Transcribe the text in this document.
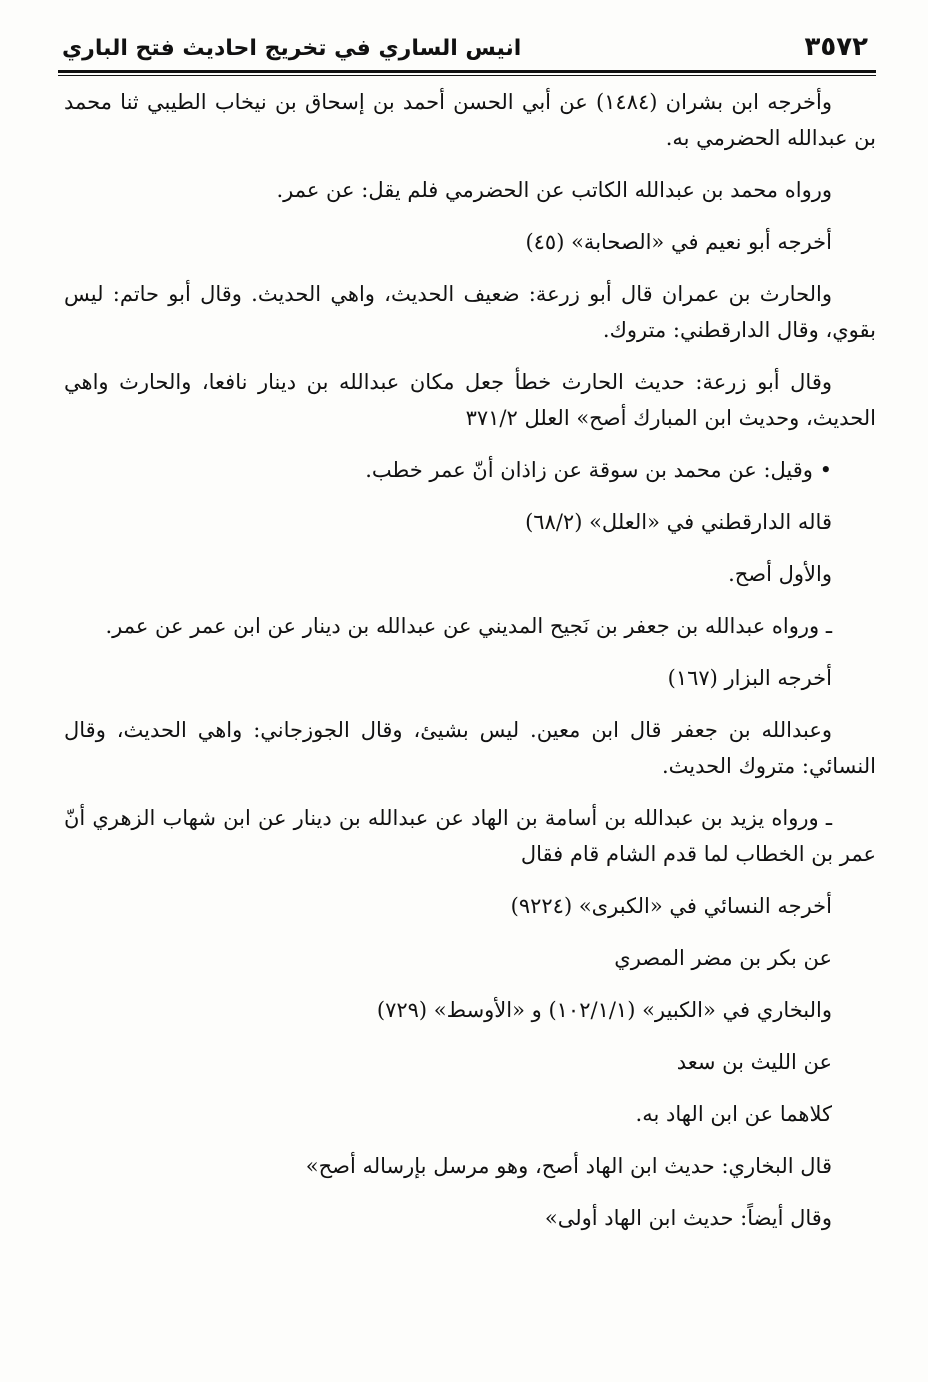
٣٥٧٢
انيس الساري في تخريج احاديث فتح الباري

وأخرجه ابن بشران (١٤٨٤) عن أبي الحسن أحمد بن إسحاق بن نيخاب الطيبي ثنا محمد بن عبدالله الحضرمي به.

ورواه محمد بن عبدالله الكاتب عن الحضرمي فلم يقل: عن عمر.

أخرجه أبو نعيم في «الصحابة» (٤٥)

والحارث بن عمران قال أبو زرعة: ضعيف الحديث، واهي الحديث. وقال أبو حاتم: ليس بقوي، وقال الدارقطني: متروك.

وقال أبو زرعة: حديث الحارث خطأ جعل مكان عبدالله بن دينار نافعا، والحارث واهي الحديث، وحديث ابن المبارك أصح» العلل ٣٧١/٢

• وقيل: عن محمد بن سوقة عن زاذان أنّ عمر خطب.

قاله الدارقطني في «العلل» (٦٨/٢)

والأول أصح.

ـ ورواه عبدالله بن جعفر بن نَجيح المديني عن عبدالله بن دينار عن ابن عمر عن عمر.

أخرجه البزار (١٦٧)

وعبدالله بن جعفر قال ابن معين. ليس بشيئ، وقال الجوزجاني: واهي الحديث، وقال النسائي: متروك الحديث.

ـ ورواه يزيد بن عبدالله بن أسامة بن الهاد عن عبدالله بن دينار عن ابن شهاب الزهري أنّ عمر بن الخطاب لما قدم الشام قام فقال

أخرجه النسائي في «الكبرى» (٩٢٢٤)

عن بكر بن مضر المصري

والبخاري في «الكبير» (١٠٢/١/١) و «الأوسط» (٧٢٩)

عن الليث بن سعد

كلاهما عن ابن الهاد به.

قال البخاري: حديث ابن الهاد أصح، وهو مرسل بإرساله أصح»

وقال أيضاً: حديث ابن الهاد أولى»
